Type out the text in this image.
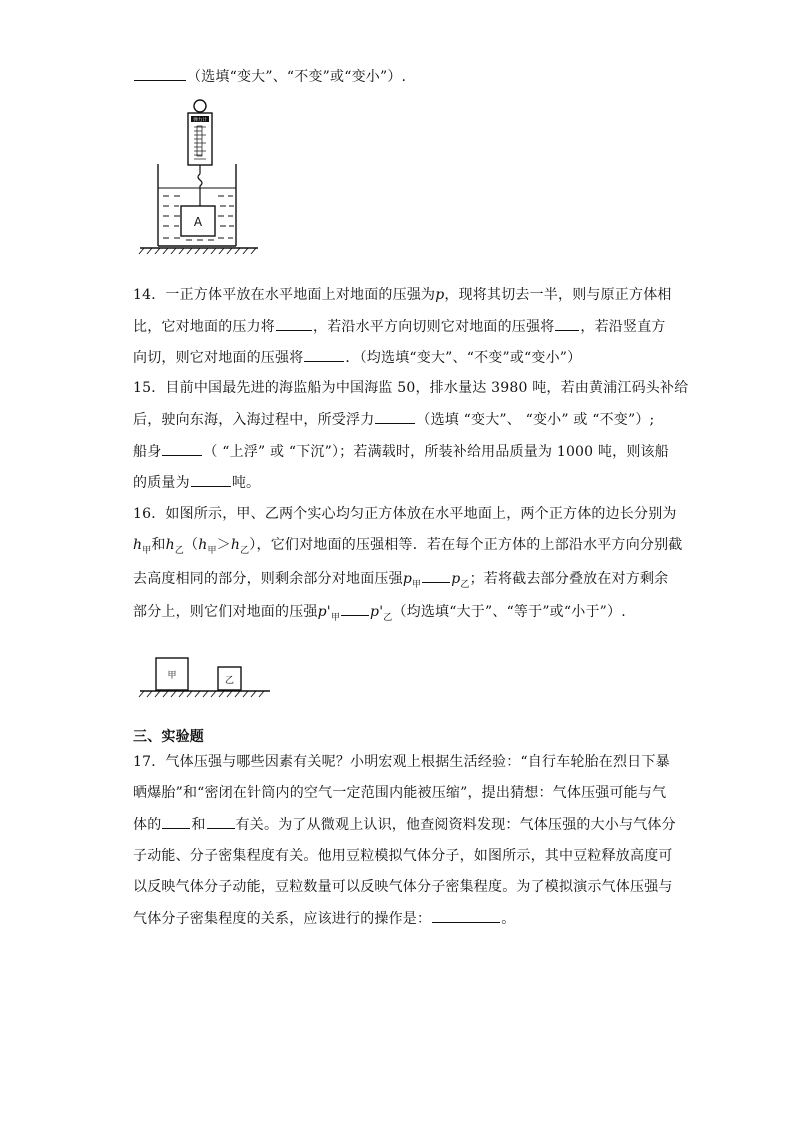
（选填“变大”、“不变”或“变小”）.
弹力计
A
14．一正方体平放在水平地面上对地面的压强为p，现将其切去一半，则与原正方体相
比，它对地面的压力将	，若沿水平方向切则它对地面的压强将 ，若沿竖直方
向切，则它对地面的压强将	．（均选填“变大”、“不变”或“变小”）
15．目前中国最先进的海监船为中国海监 50，排水量达 3980 吨，若由黄浦江码头补给
后，驶向东海，入海过程中，所受浮力	（选填 “变大”、 “变小” 或 “不变”）;
船身	（ “上浮” 或 “下沉”）；若满载时，所装补给用品质量为 1000 吨，则该船
的质量为	吨。
16．如图所示，甲、乙两个实心均匀正方体放在水平地面上，两个正方体的边长分别为
$h_甲$和$h_乙(h_甲>h_乙)$，它们对地面的压强相等．若在每个正方体的上部沿水平方向分别截
去高度相同的部分，则剩余部分对地面压强$p_甲$ $p_乙$；若将截去部分叠放在对方剩余
部分上，则它们对地面的压强$p'_甲$ $p'_乙$（均选填“大于”、“等于”或“小于”）.
甲	乙
三、实验题
17．气体压强与哪些因素有关呢？小明宏观上根据生活经验：“自行车轮胎在烈日下暴
晒爆胎”和“密闭在针筒内的空气一定范围内能被压缩”，提出猜想：气体压强可能与气
体的 和 有关。为了从微观上认识，他查阅资料发现：气体压强的大小与气体分
子动能、分子密集程度有关。他用豆粒模拟气体分子，如图所示，其中豆粒释放高度可
以反映气体分子动能，豆粒数量可以反映气体分子密集程度。为了模拟演示气体压强与
气体分子密集程度的关系，应该进行的操作是：	。
